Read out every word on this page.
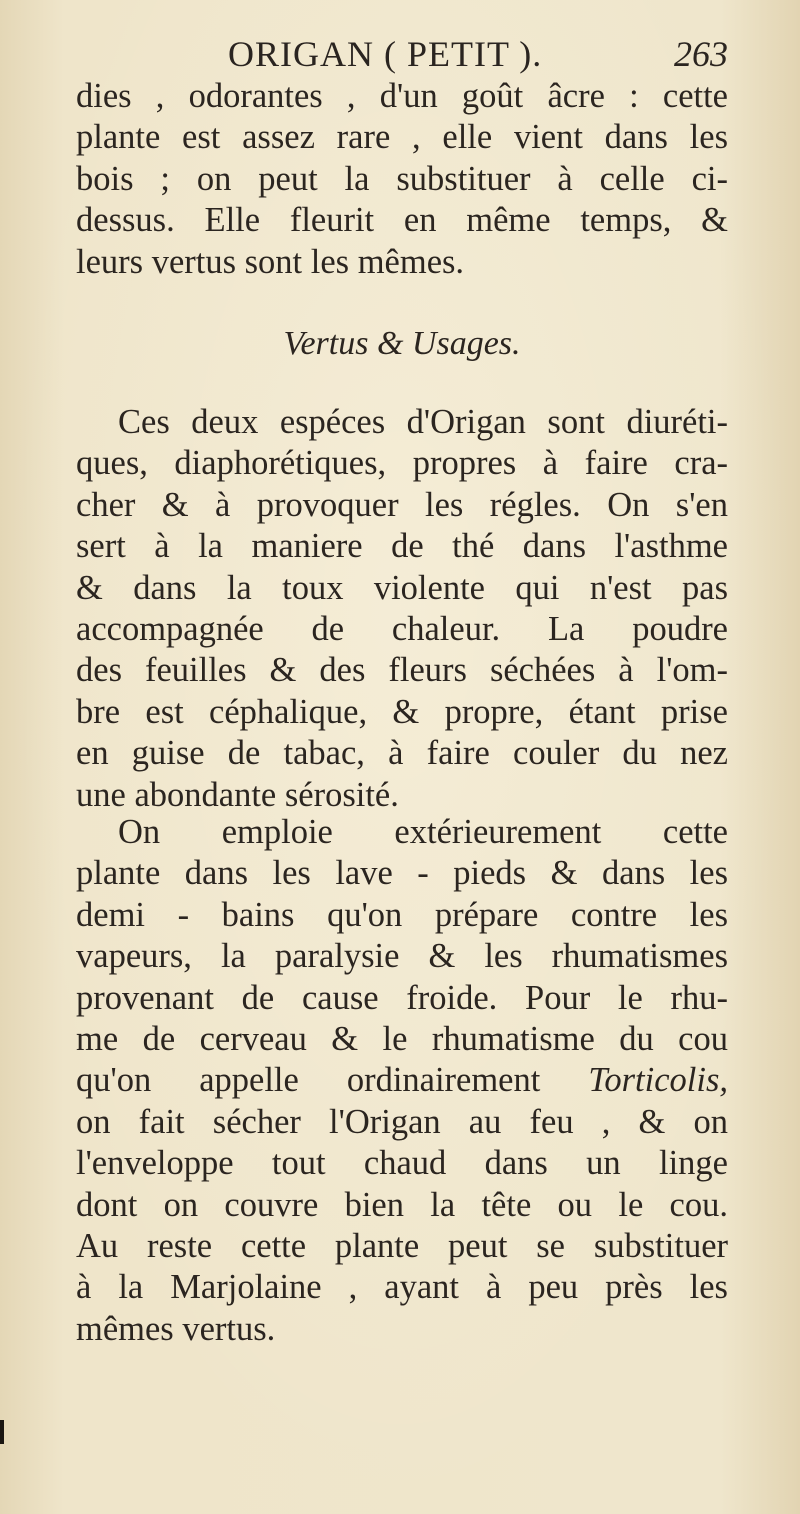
ORIGAN ( PETIT ).	263
dies , odorantes , d'un goût âcre : cette
plante est assez rare , elle vient dans les
bois ; on peut la substituer à celle ci-
dessus. Elle fleurit en même temps, &
leurs vertus sont les mêmes.
Vertus & Usages.
Ces deux espéces d'Origan sont diuréti-
ques, diaphorétiques, propres à faire cra-
cher & à provoquer les régles. On s'en
sert à la maniere de thé dans l'asthme
& dans la toux violente qui n'est pas
accompagnée de chaleur. La poudre
des feuilles & des fleurs séchées à l'om-
bre est céphalique, & propre, étant prise
en guise de tabac, à faire couler du nez
une abondante sérosité.
On emploie extérieurement cette
plante dans les lave - pieds & dans les
demi - bains qu'on prépare contre les
vapeurs, la paralysie & les rhumatismes
provenant de cause froide. Pour le rhu-
me de cerveau & le rhumatisme du cou
qu'on appelle ordinairement Torticolis,
on fait sécher l'Origan au feu , & on
l'enveloppe tout chaud dans un linge
dont on couvre bien la tête ou le cou.
Au reste cette plante peut se substituer
à la Marjolaine , ayant à peu près les
mêmes vertus.
